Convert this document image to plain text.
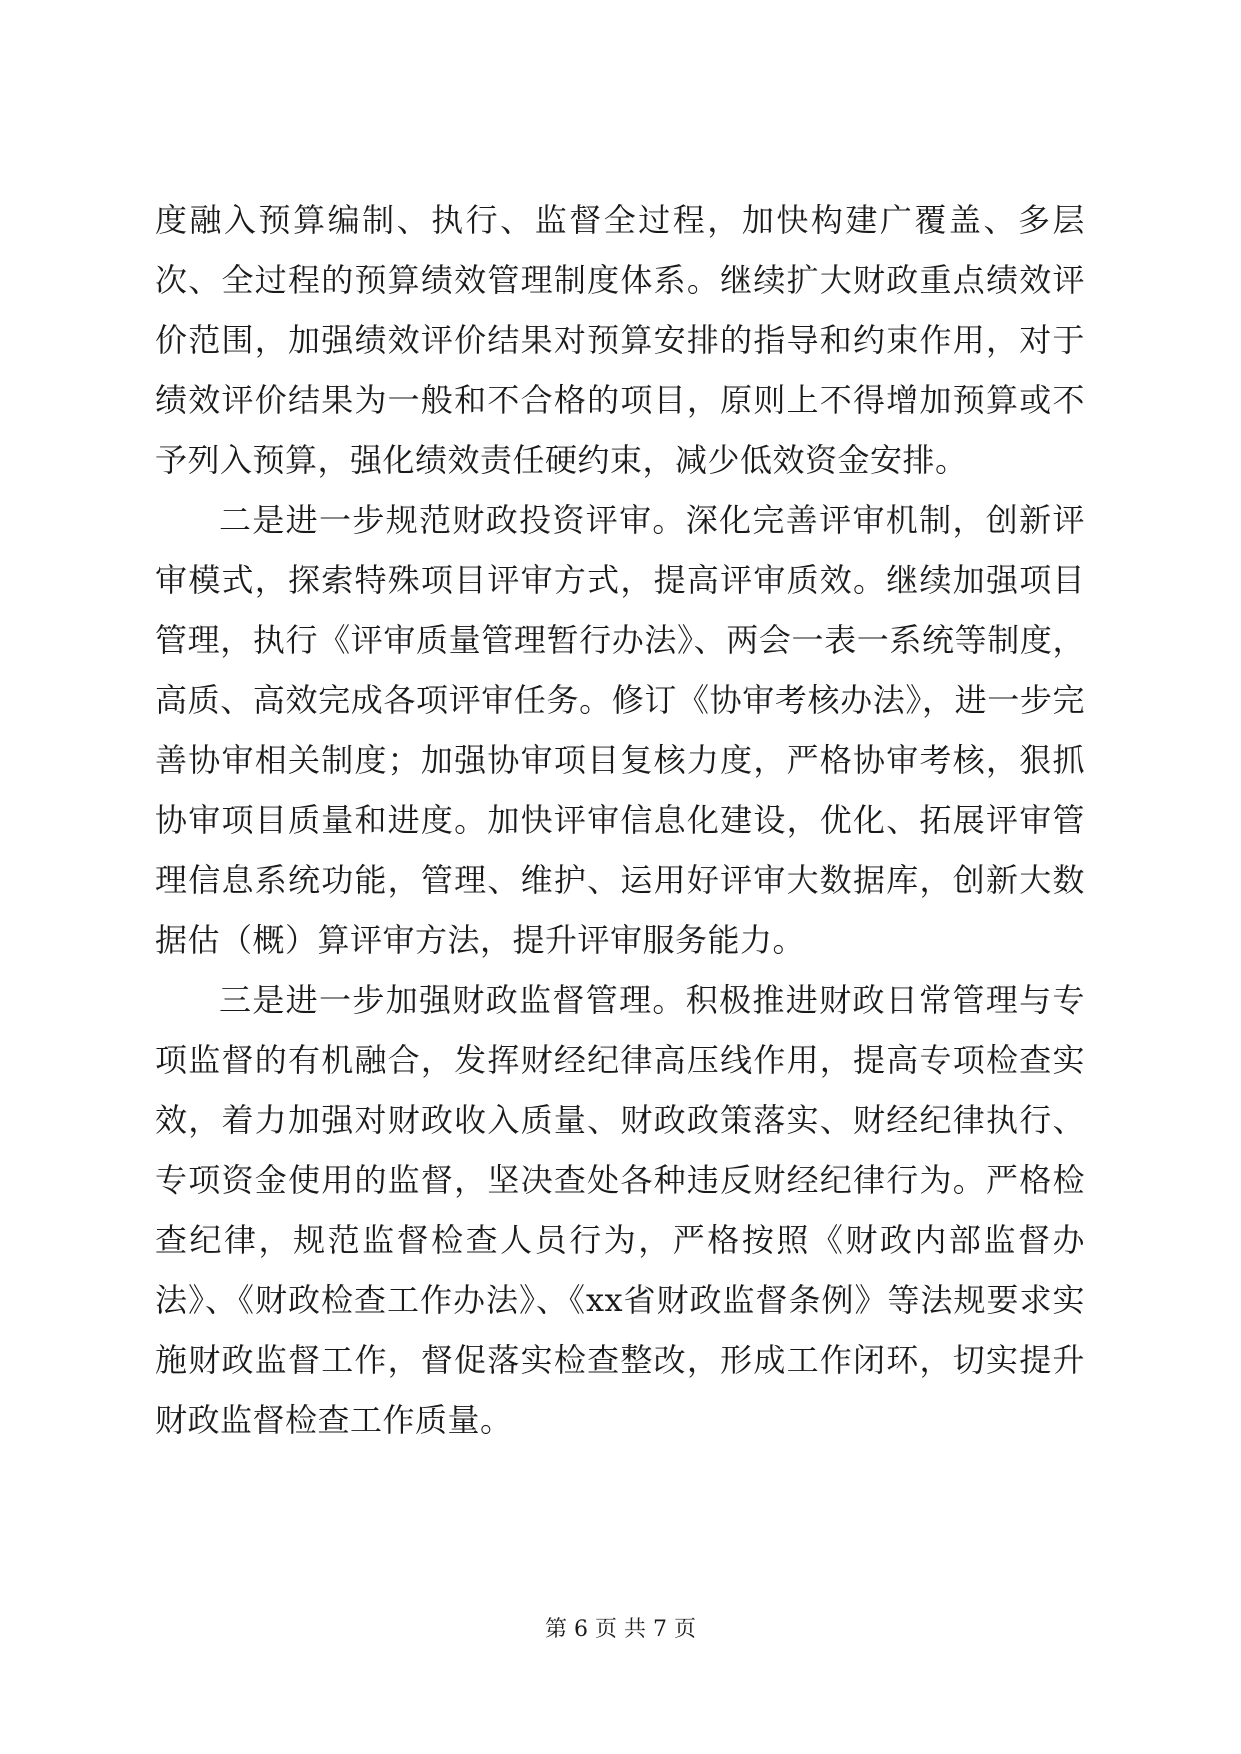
度融入预算编制、执行、监督全过程，加快构建广覆盖、多层次、全过程的预算绩效管理制度体系。继续扩大财政重点绩效评价范围，加强绩效评价结果对预算安排的指导和约束作用，对于绩效评价结果为一般和不合格的项目，原则上不得增加预算或不予列入预算，强化绩效责任硬约束，减少低效资金安排。

二是进一步规范财政投资评审。深化完善评审机制，创新评审模式，探索特殊项目评审方式，提高评审质效。继续加强项目管理，执行《评审质量管理暂行办法》、两会一表一系统等制度，高质、高效完成各项评审任务。修订《协审考核办法》，进一步完善协审相关制度；加强协审项目复核力度，严格协审考核，狠抓协审项目质量和进度。加快评审信息化建设，优化、拓展评审管理信息系统功能，管理、维护、运用好评审大数据库，创新大数据估（概）算评审方法，提升评审服务能力。

三是进一步加强财政监督管理。积极推进财政日常管理与专项监督的有机融合，发挥财经纪律高压线作用，提高专项检查实效，着力加强对财政收入质量、财政政策落实、财经纪律执行、专项资金使用的监督，坚决查处各种违反财经纪律行为。严格检查纪律，规范监督检查人员行为，严格按照《财政内部监督办法》、《财政检查工作办法》、《xx省财政监督条例》等法规要求实施财政监督工作，督促落实检查整改，形成工作闭环，切实提升财政监督检查工作质量。

第 6 页 共 7 页
